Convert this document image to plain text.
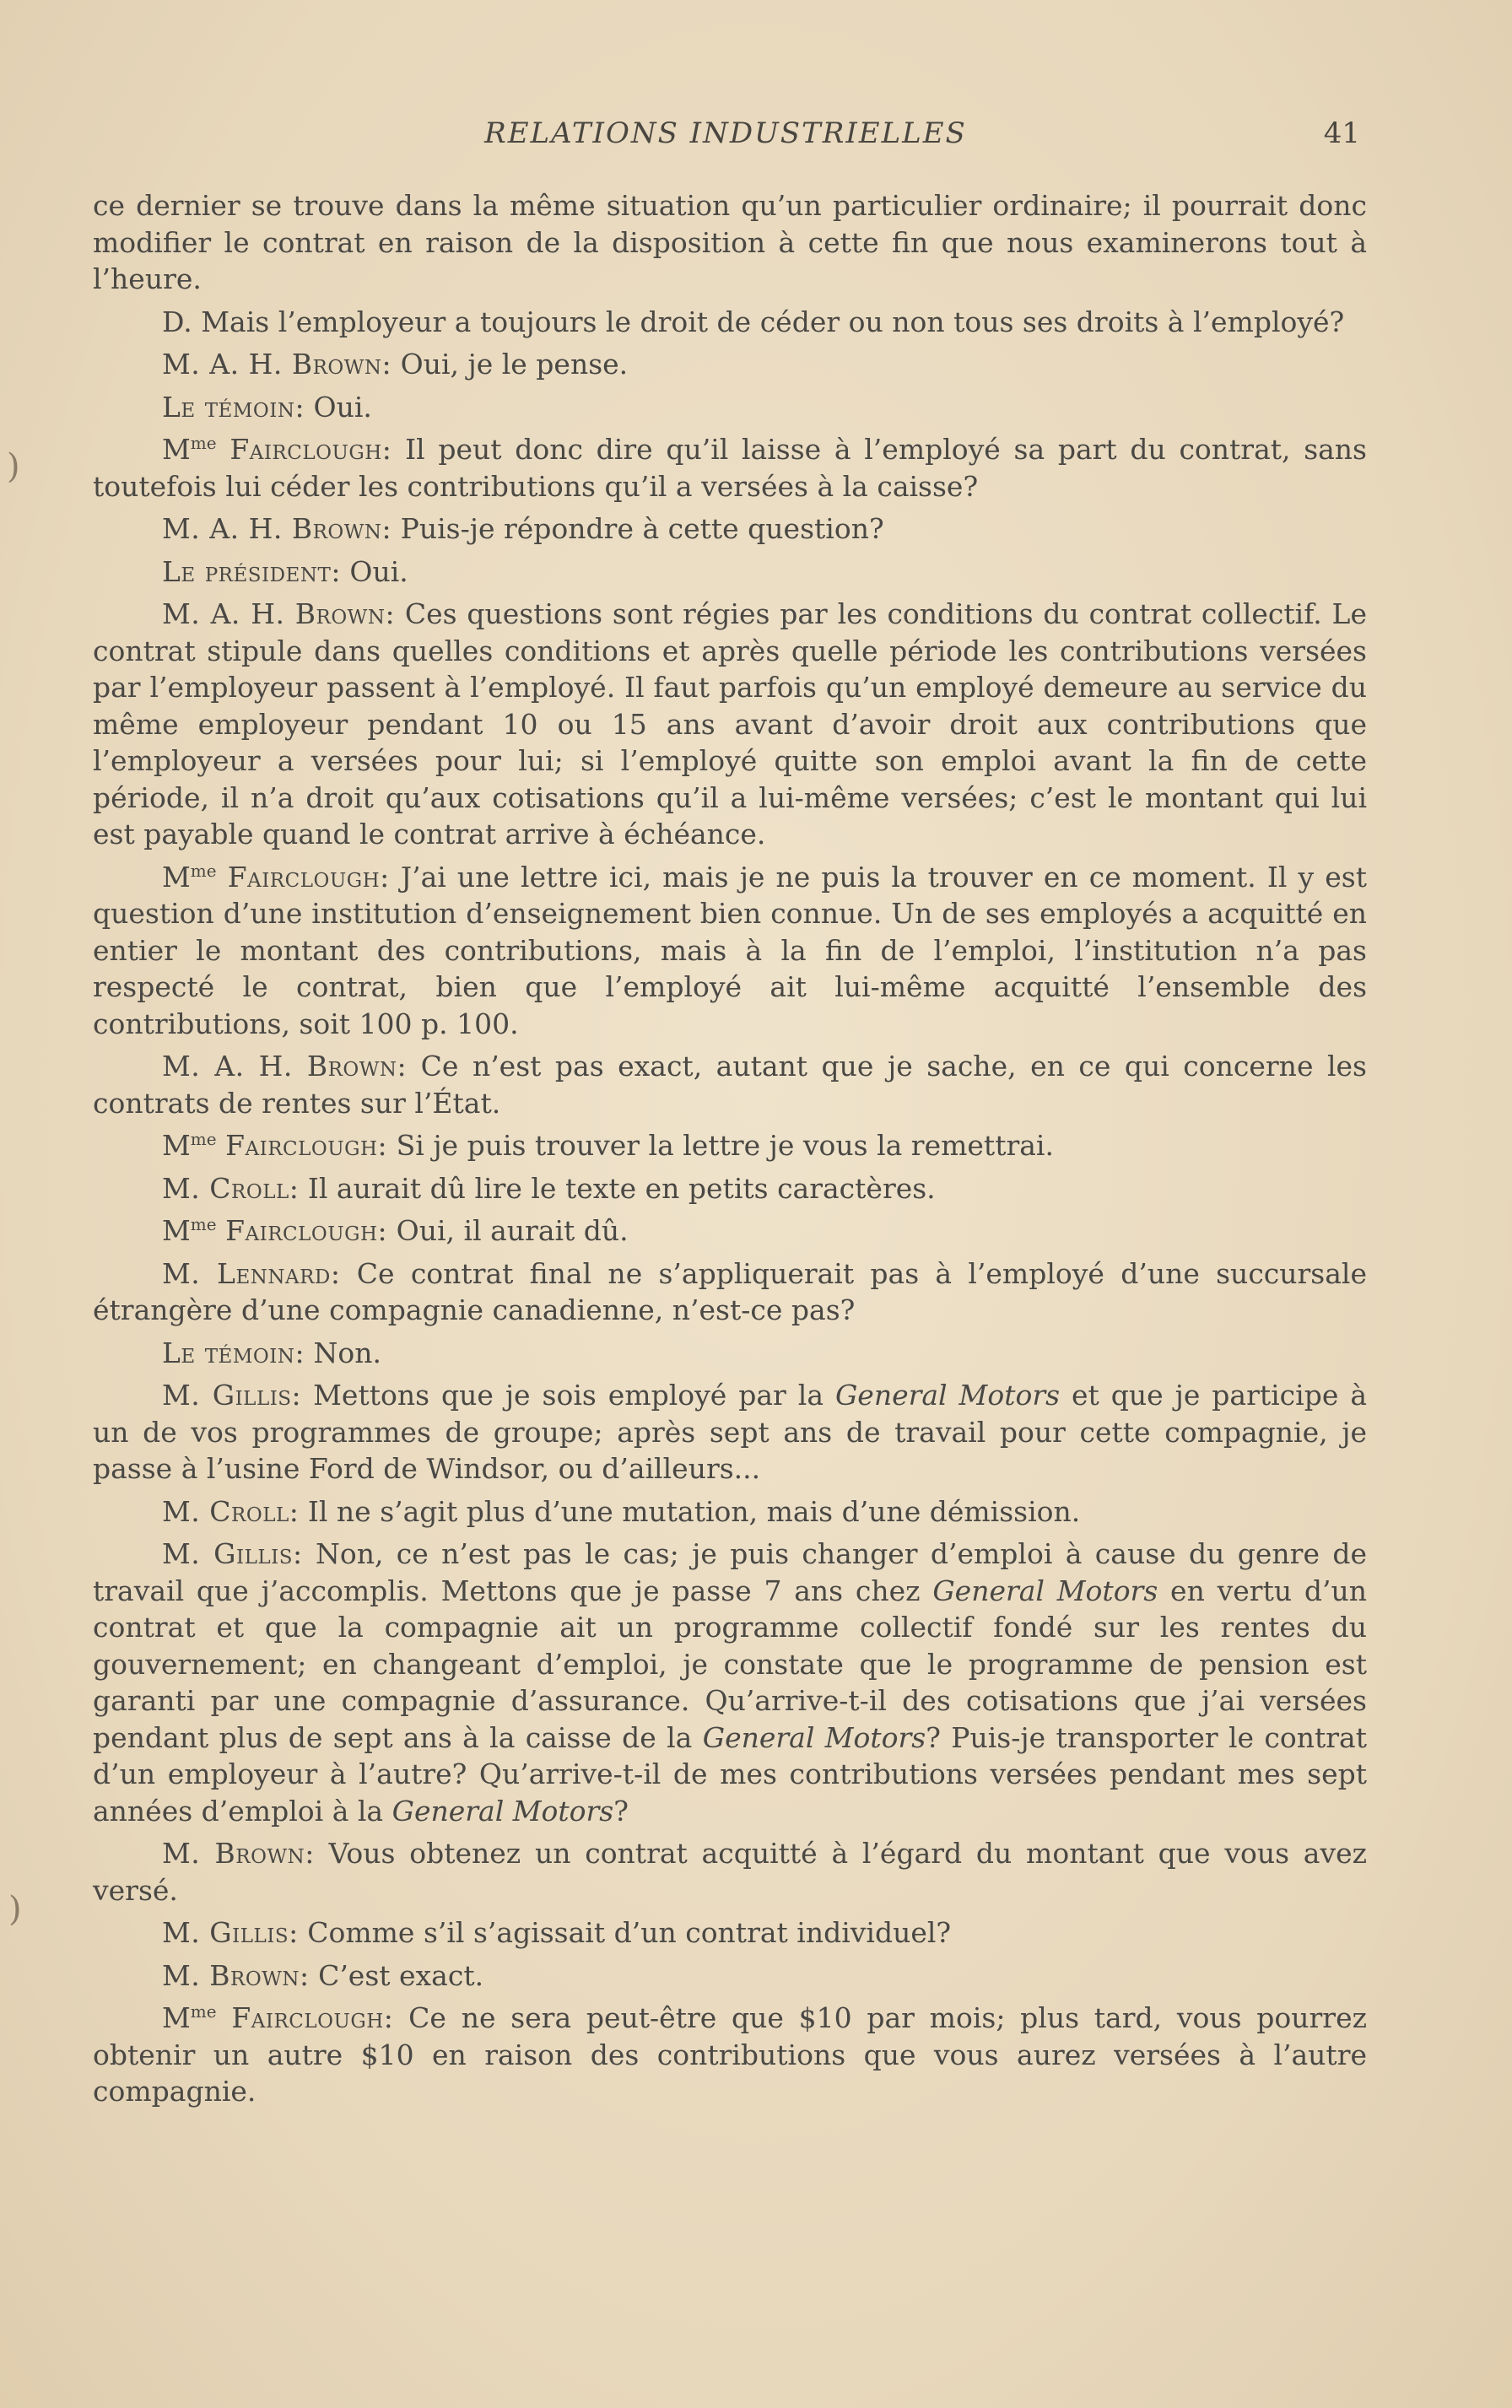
RELATIONS INDUSTRIELLES	41
)
)

ce dernier se trouve dans la même situation qu’un particulier ordinaire; il pourrait donc modifier le contrat en raison de la disposition à cette fin que nous examinerons tout à l’heure.

D. Mais l’employeur a toujours le droit de céder ou non tous ses droits à l’employé?

M. A. H. Brown: Oui, je le pense.

Le témoin: Oui.

$M^{me}$ Fairclough: Il peut donc dire qu’il laisse à l’employé sa part du contrat, sans toutefois lui céder les contributions qu’il a versées à la caisse?

M. A. H. Brown: Puis-je répondre à cette question?

Le président: Oui.

M. A. H. Brown: Ces questions sont régies par les conditions du contrat collectif. Le contrat stipule dans quelles conditions et après quelle période les contributions versées par l’employeur passent à l’employé. Il faut parfois qu’un employé demeure au service du même employeur pendant 10 ou 15 ans avant d’avoir droit aux contributions que l’employeur a versées pour lui; si l’employé quitte son emploi avant la fin de cette période, il n’a droit qu’aux cotisations qu’il a lui-même versées; c’est le montant qui lui est payable quand le contrat arrive à échéance.

$M^{me}$ Fairclough: J’ai une lettre ici, mais je ne puis la trouver en ce moment. Il y est question d’une institution d’enseignement bien connue. Un de ses employés a acquitté en entier le montant des contributions, mais à la fin de l’emploi, l’institution n’a pas respecté le contrat, bien que l’employé ait lui-même acquitté l’ensemble des contributions, soit 100 p. 100.

M. A. H. Brown: Ce n’est pas exact, autant que je sache, en ce qui concerne les contrats de rentes sur l’État.

$M^{me}$ Fairclough: Si je puis trouver la lettre je vous la remettrai.

M. Croll: Il aurait dû lire le texte en petits caractères.

$M^{me}$ Fairclough: Oui, il aurait dû.

M. Lennard: Ce contrat final ne s’appliquerait pas à l’employé d’une succursale étrangère d’une compagnie canadienne, n’est-ce pas?

Le témoin: Non.

M. Gillis: Mettons que je sois employé par la General Motors et que je participe à un de vos programmes de groupe; après sept ans de travail pour cette compagnie, je passe à l’usine Ford de Windsor, ou d’ailleurs...

M. Croll: Il ne s’agit plus d’une mutation, mais d’une démission.

M. Gillis: Non, ce n’est pas le cas; je puis changer d’emploi à cause du genre de travail que j’accomplis. Mettons que je passe 7 ans chez General Motors en vertu d’un contrat et que la compagnie ait un programme collectif fondé sur les rentes du gouvernement; en changeant d’emploi, je constate que le programme de pension est garanti par une compagnie d’assurance. Qu’arrive-t-il des cotisations que j’ai versées pendant plus de sept ans à la caisse de la General Motors? Puis-je transporter le contrat d’un employeur à l’autre? Qu’arrive-t-il de mes contributions versées pendant mes sept années d’emploi à la General Motors?

M. Brown: Vous obtenez un contrat acquitté à l’égard du montant que vous avez versé.

M. Gillis: Comme s’il s’agissait d’un contrat individuel?

M. Brown: C’est exact.

$M^{me}$ Fairclough: Ce ne sera peut-être que $10 par mois; plus tard, vous pourrez obtenir un autre $10 en raison des contributions que vous aurez versées à l’autre compagnie.
